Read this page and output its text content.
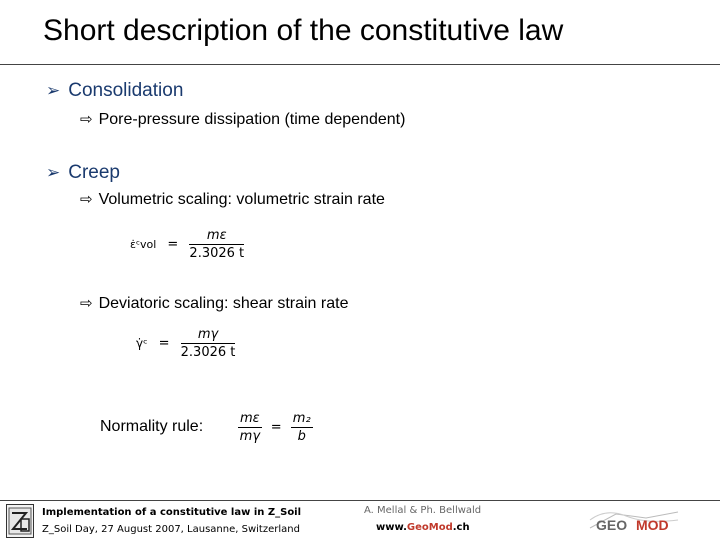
Short description of the constitutive law
➢ Consolidation
⇨ Pore-pressure dissipation (time dependent)
➢ Creep
⇨ Volumetric scaling: volumetric strain rate
ε̇ᶜvol = $\frac{m\varepsilon}{2.3026 t}$
⇨ Deviatoric scaling: shear strain rate
γ̇ᶜ = $\frac{m\gamma}{2.3026 t}$
Normality rule:	$\frac{m\varepsilon}{m\gamma} = \frac{\text{m₂}}{b}$
Implementation of a constitutive law in Z_Soil
Z_Soil Day, 27 August 2007, Lausanne, Switzerland
A. Mellal & Ph. Bellwald
www.GeoMod.ch	GEO MOD
